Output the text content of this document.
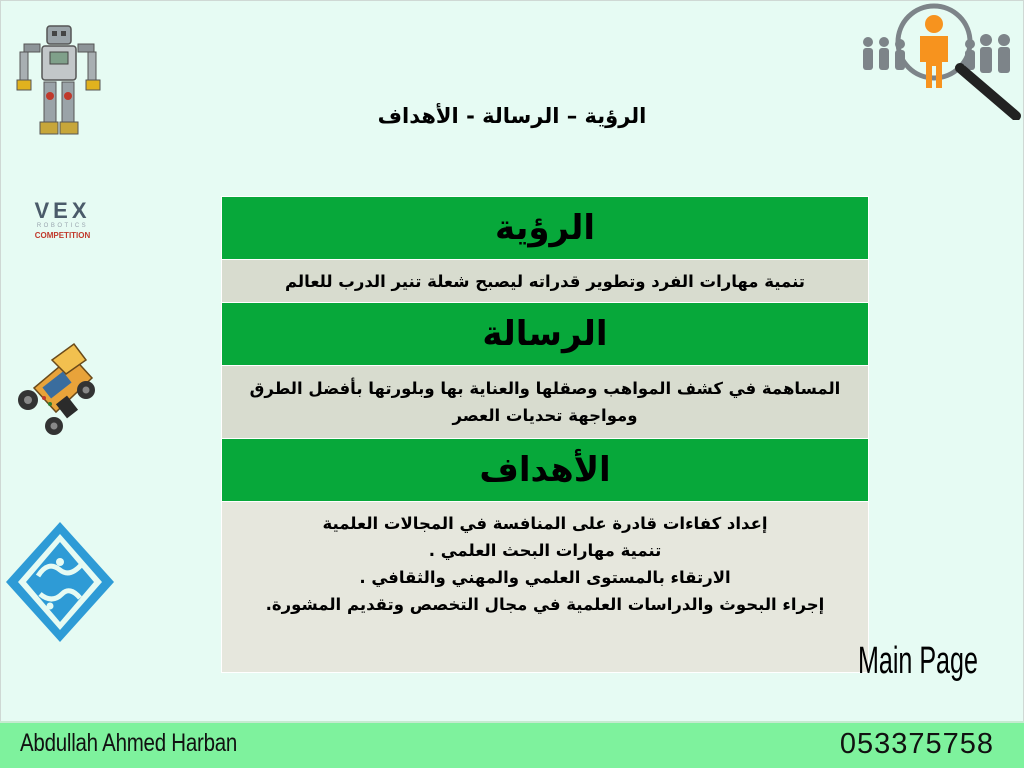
VEX
ROBOTICS
COMPETITION
الرؤية – الرسالة - الأهداف
الرؤية
تنمية مهارات الفرد وتطوير قدراته ليصبح شعلة تنير الدرب للعالم
الرسالة

المساهمة في كشف المواهب وصقلها والعناية بها وبلورتها بأفضل الطرق
ومواجهة تحديات العصر

الأهداف

إعداد كفاءات قادرة على المنافسة في المجالات العلمية
تنمية مهارات البحث العلمي .
الارتقاء بالمستوى العلمي والمهني والثقافي .
إجراء البحوث والدراسات العلمية في مجال التخصص وتقديم المشورة.
Main Page
Abdullah Ahmed Harban	053375758
